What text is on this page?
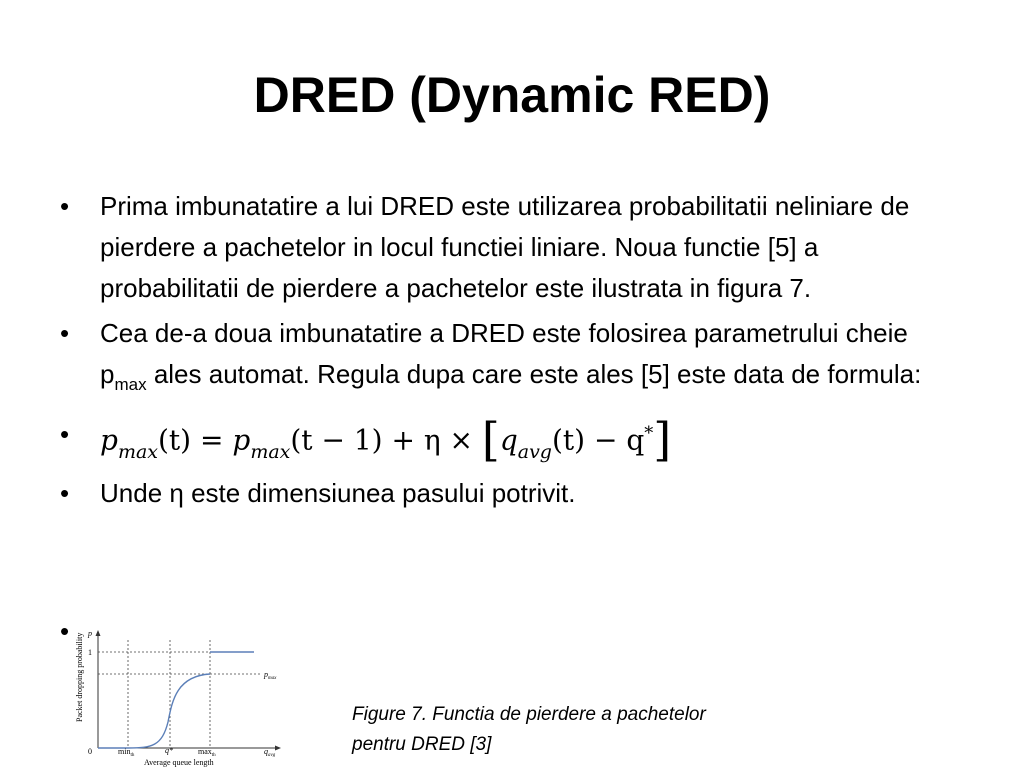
DRED (Dynamic RED)
• Prima imbunatatire a lui DRED este utilizarea probabilitatii neliniare de pierdere a pachetelor in locul functiei liniare. Noua functie [5] a probabilitatii de pierdere a pachetelor este ilustrata in figura 7.
• Cea de-a doua imbunatatire a DRED este folosirea parametrului cheie $p_{max}$ ales automat. Regula dupa care este ales [5] este data de formula:
• $p_{max}(t) = p_{max}(t - 1) + \eta \times [q_{avg}(t) - q^*]$
• Unde η este dimensiunea pasului potrivit.
•
Packet dropping probability p
1
$p_{max}$
0	$\min_{th}$
q*	$\max_{th}$	$q_{avg}$
Average queue length
Figure 7. Functia de pierdere a pachetelor
pentru DRED [3]
